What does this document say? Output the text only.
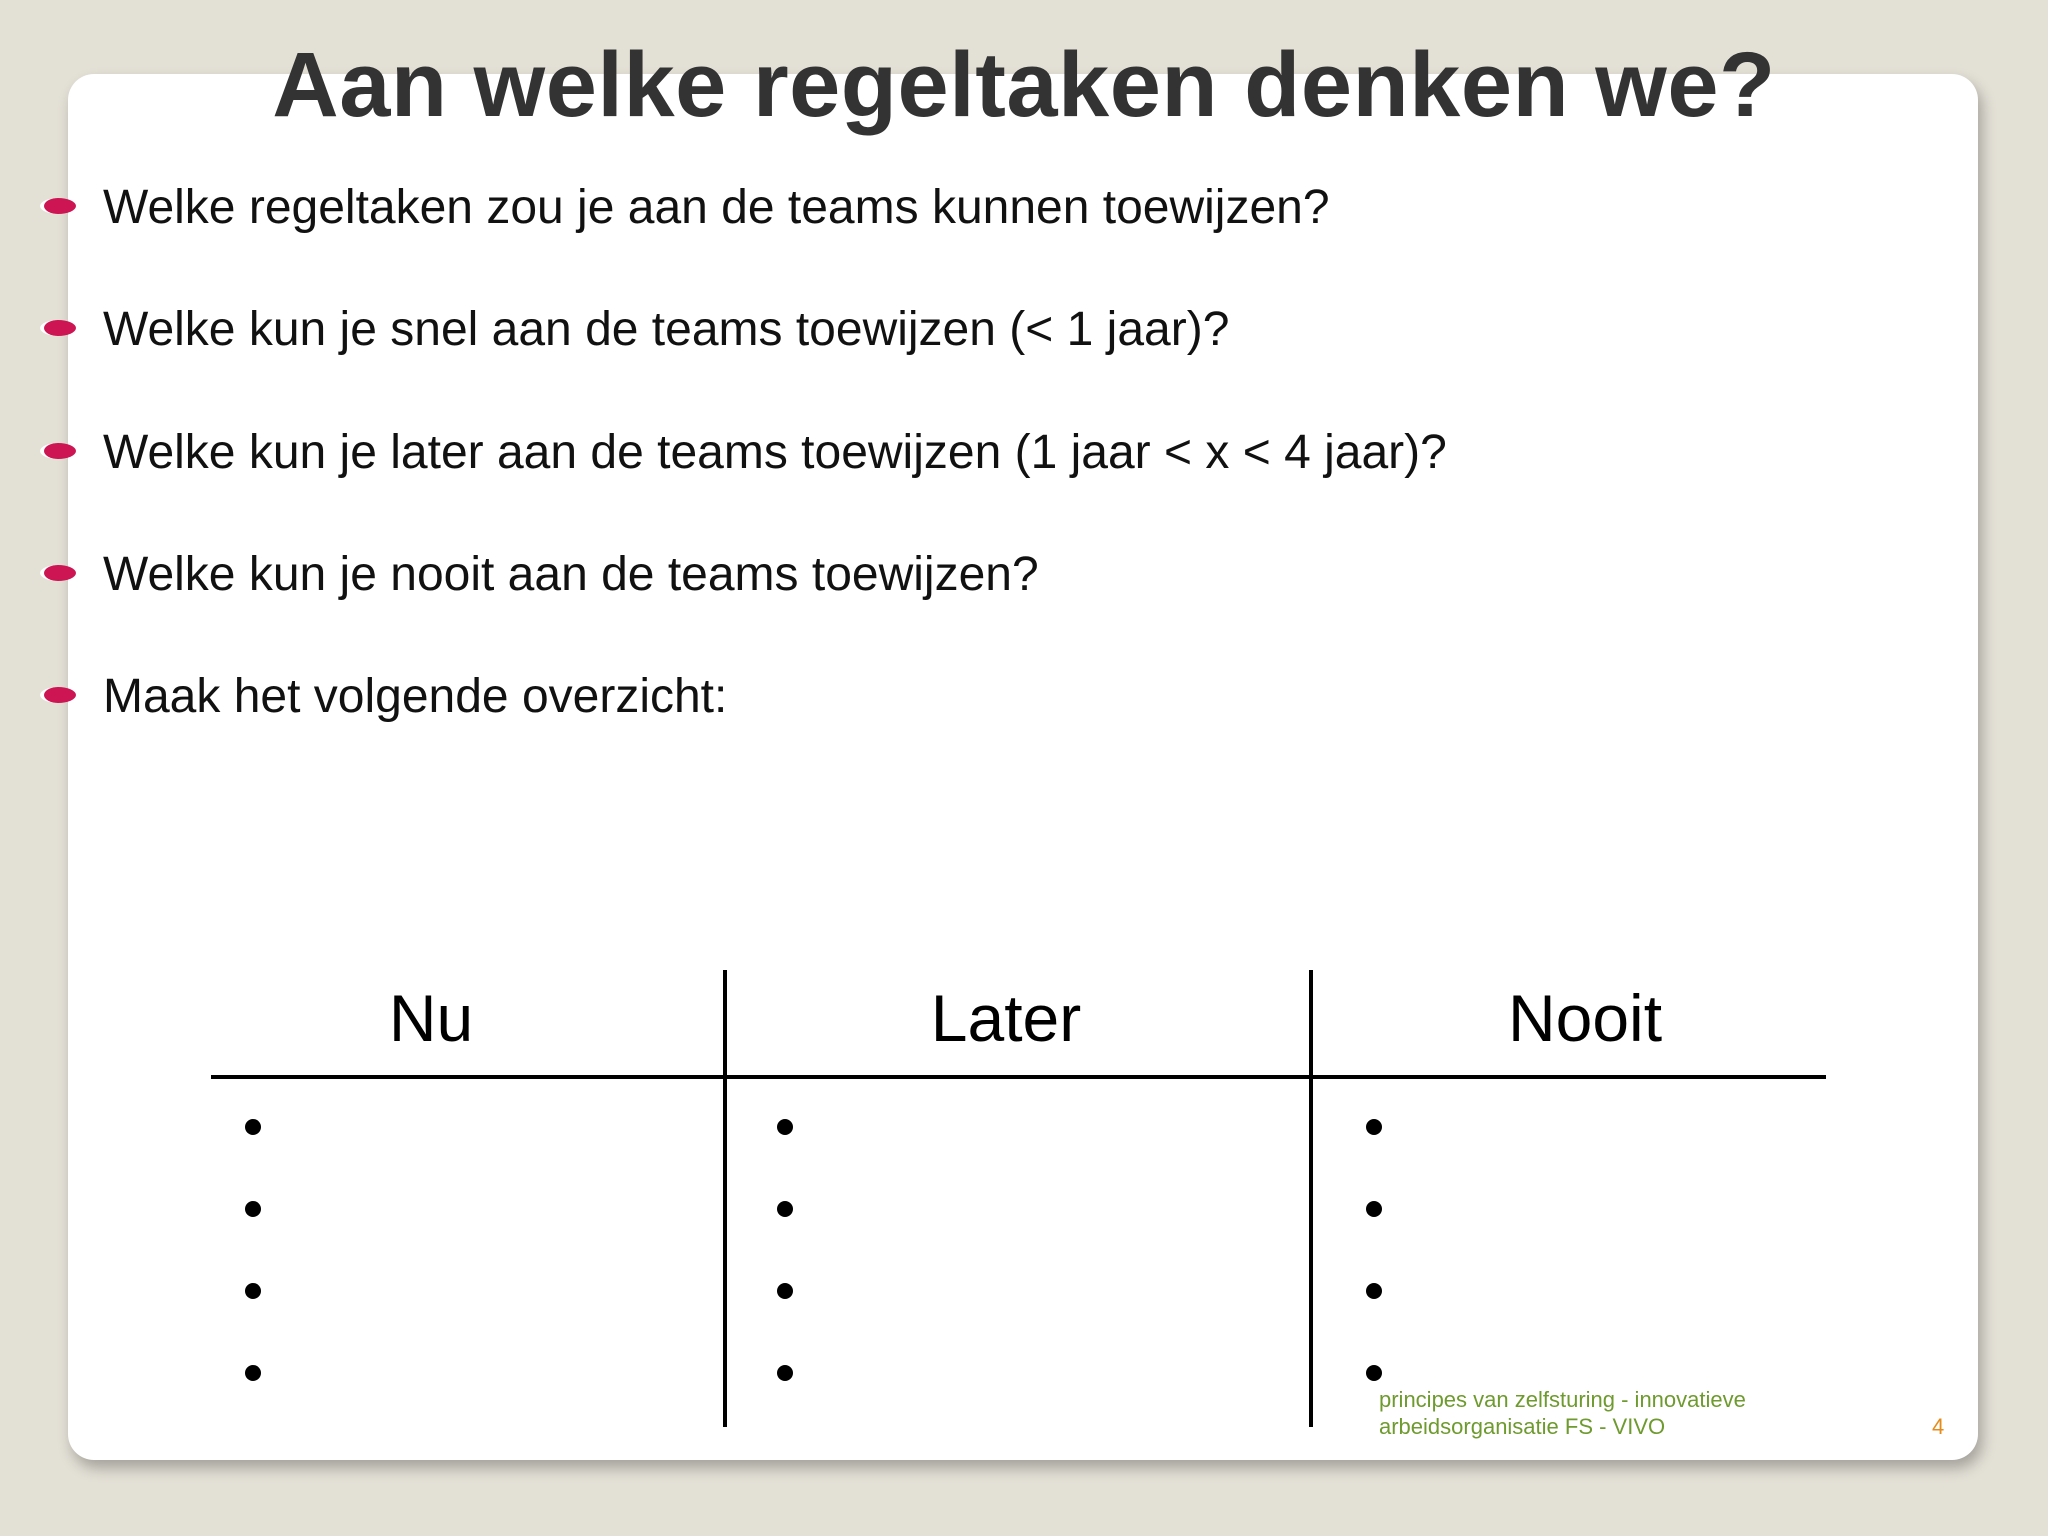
Aan welke regeltaken denken we?
Welke regeltaken zou je aan de teams kunnen toewijzen?
Welke kun je snel aan de teams toewijzen (< 1 jaar)?
Welke kun je later aan de teams toewijzen (1 jaar < x < 4 jaar)?
Welke kun je nooit aan de teams toewijzen?
Maak het volgende overzicht:
Nu	Later	Nooit
principes van zelfsturing - innovatieve
arbeidsorganisatie FS - VIVO	4
